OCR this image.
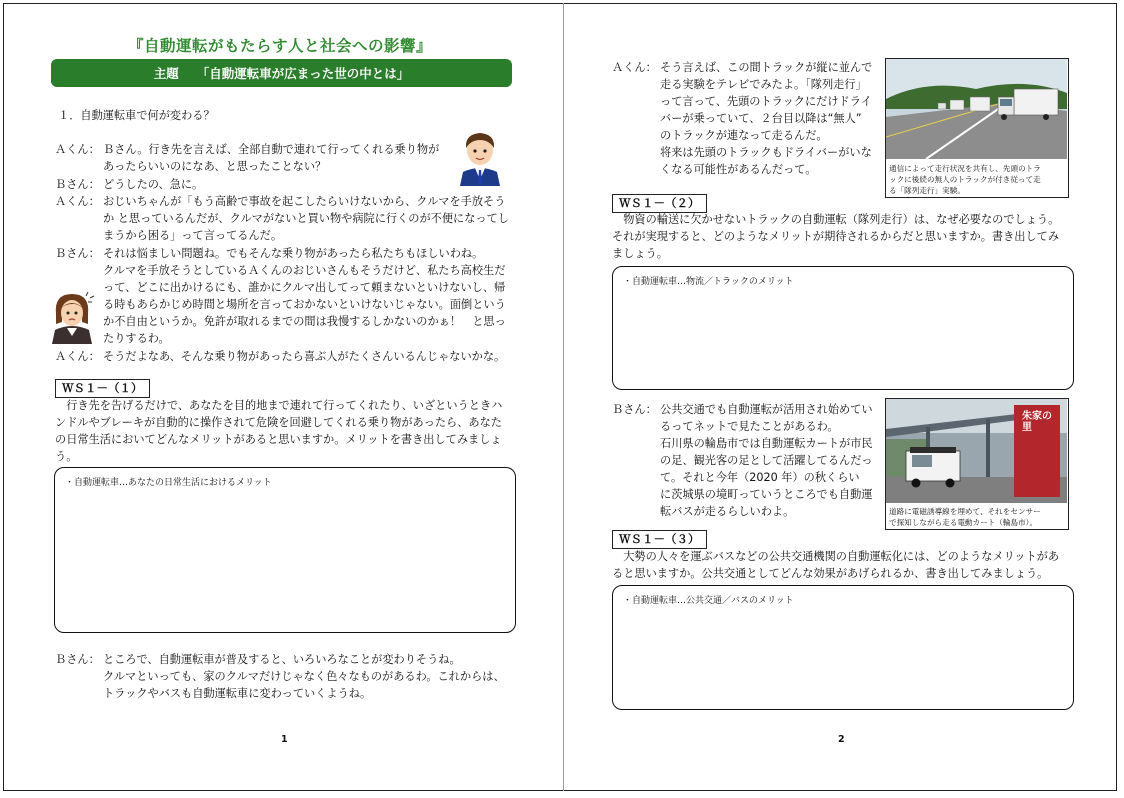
『自動運転がもたらす人と社会への影響』
主題 「自動運転車が広まった世の中とは」
１．自動運転車で何が変わる？
Ａくん： Ｂさん。行き先を言えば、全部自動で連れて行ってくれる乗り物が
あったらいいのになあ、と思ったことない？
Ｂさん： どうしたの、急に。
Ａくん： おじいちゃんが「もう高齢で事故を起こしたらいけないから、クルマを手放そう
か と思っているんだが、クルマがないと買い物や病院に行くのが不便になってし
まうから困る」って言ってるんだ。
Ｂさん： それは悩ましい問題ね。でもそんな乗り物があったら私たちもほしいわね。
クルマを手放そうとしているＡくんのおじいさんもそうだけど、私たち高校生だ
って、どこに出かけるにも、誰かにクルマ出してって頼まないといけないし、帰
る時もあらかじめ時間と場所を言っておかないといけないじゃない。面倒という
か不自由というか。免許が取れるまでの間は我慢するしかないのかぁ！　と思っ
たりするわ。
Ａくん： そうだよなあ、そんな乗り物があったら喜ぶ人がたくさんいるんじゃないかな。
ＷＳ１－（１）
　行き先を告げるだけで、あなたを目的地まで連れて行ってくれたり、いざというときハ
ンドルやブレーキが自動的に操作されて危険を回避してくれる乗り物があったら、あなた
の日常生活においてどんなメリットがあると思いますか。メリットを書き出してみましょ
う。
・自動運転車…あなたの日常生活におけるメリット
Ｂさん： ところで、自動運転車が普及すると、いろいろなことが変わりそうね。
クルマといっても、家のクルマだけじゃなく色々なものがあるわ。これからは、
トラックやバスも自動運転車に変わっていくようね。
1
Ａくん： そう言えば、この間トラックが縦に並んで
走る実験をテレビでみたよ。「隊列走行」
って言って、先頭のトラックにだけドライ
バーが乗っていて、２台目以降は“無人”
のトラックが連なって走るんだ。
将来は先頭のトラックもドライバーがいな
くなる可能性があるんだって。	通信によって走行状況を共有し、先頭のトラ
ックに後続の無人のトラックが付き従って走
る「隊列走行」実験。
ＷＳ１－（２）
　物資の輸送に欠かせないトラックの自動運転（隊列走行）は、なぜ必要なのでしょう。
それが実現すると、どのようなメリットが期待されるからだと思いますか。書き出してみ
ましょう。
・自動運転車…物流／トラックのメリット
Ｂさん： 公共交通でも自動運転が活用され始めてい
るってネットで見たことがあるわ。
石川県の輪島市では自動運転カートが市民
の足、観光客の足として活躍してるんだっ
て。それと今年（2020 年）の秋くらい
に茨城県の境町っていうところでも自動運
転バスが走るらしいわよ。
朱家の里
道路に電磁誘導線を埋めて、それをセンサー
で探知しながら走る電動カート（輪島市）。
ＷＳ１－（３）
　大勢の人々を運ぶバスなどの公共交通機関の自動運転化には、どのようなメリットがあ
ると思いますか。公共交通としてどんな効果があげられるか、書き出してみましょう。
・自動運転車…公共交通／バスのメリット
2
